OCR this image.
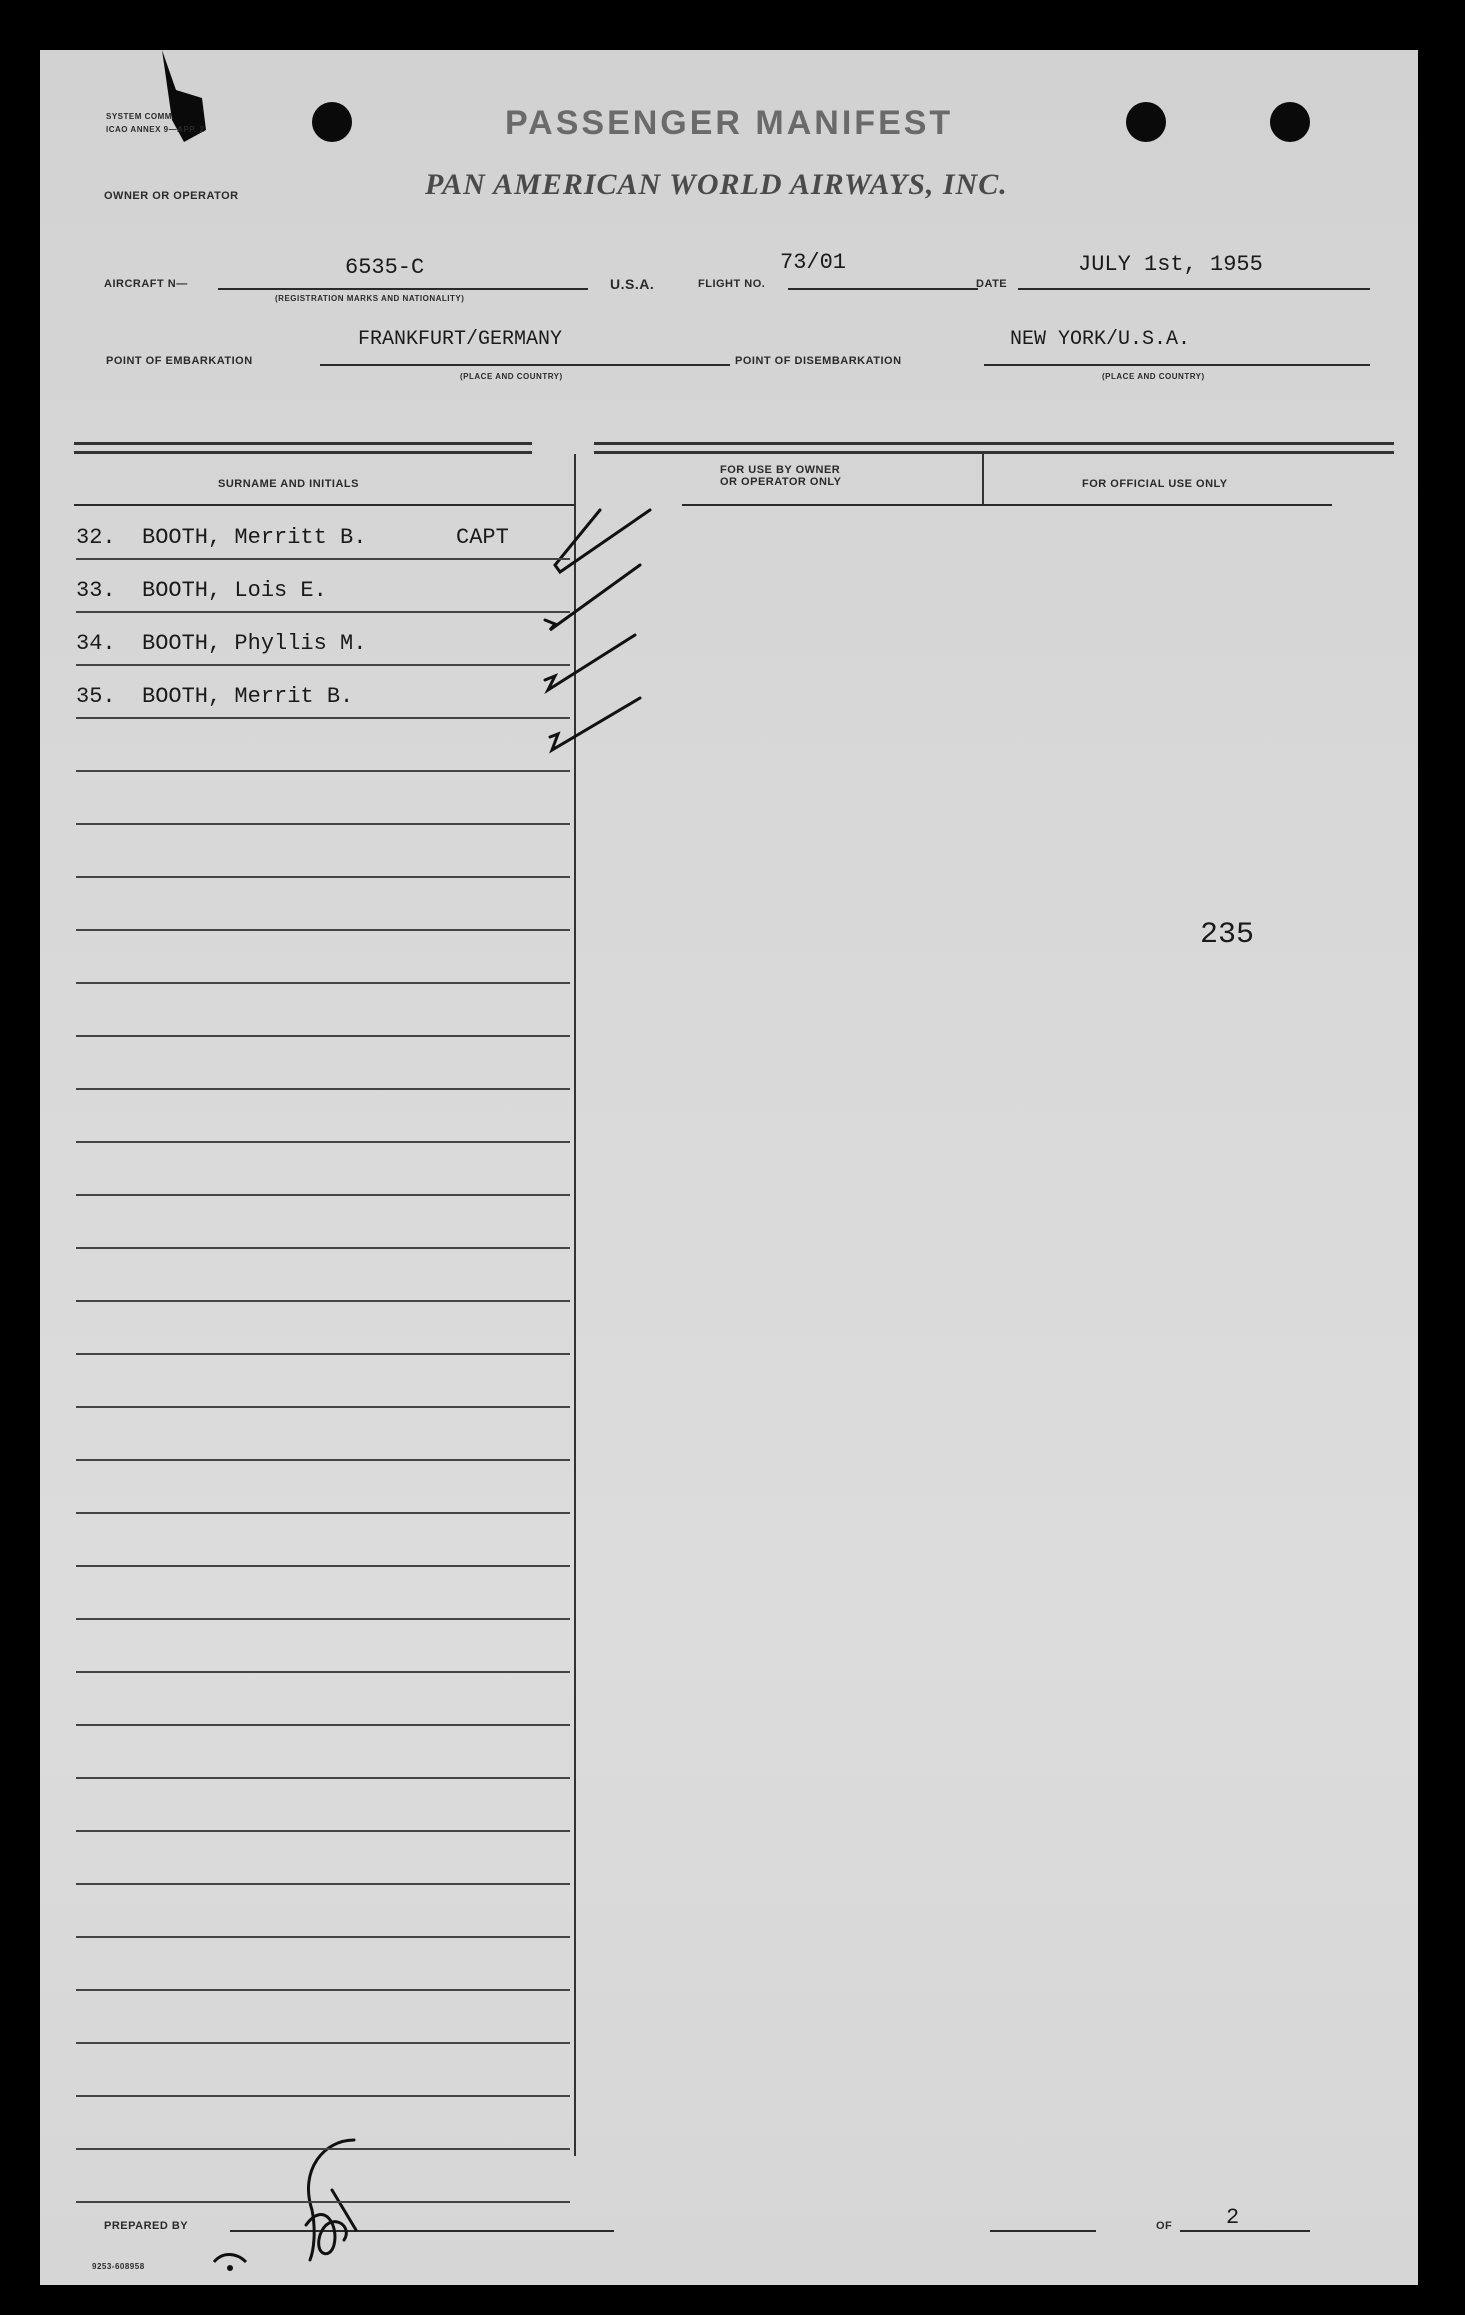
SYSTEM COMM.
ICAO ANNEX 9—APP. 2	PASSENGER MANIFEST
OWNER OR OPERATOR	PAN AMERICAN WORLD AIRWAYS, INC.
AIRCRAFT N—
6535-C
(REGISTRATION MARKS AND NATIONALITY)
U.S.A.	FLIGHT NO.
73/01
DATE
JULY 1st, 1955
POINT OF EMBARKATION
FRANKFURT/GERMANY
(PLACE AND COUNTRY)
POINT OF DISEMBARKATION
NEW YORK/U.S.A.
(PLACE AND COUNTRY)
SURNAME AND INITIALS
FOR USE BY OWNER
OR OPERATOR ONLY	FOR OFFICIAL USE ONLY
32. BOOTH, Merritt B.	CAPT
33. BOOTH, Lois E.
34. BOOTH, Phyllis M.
35. BOOTH, Merrit B.
235
PREPARED BY	OF 2
9253-608958
